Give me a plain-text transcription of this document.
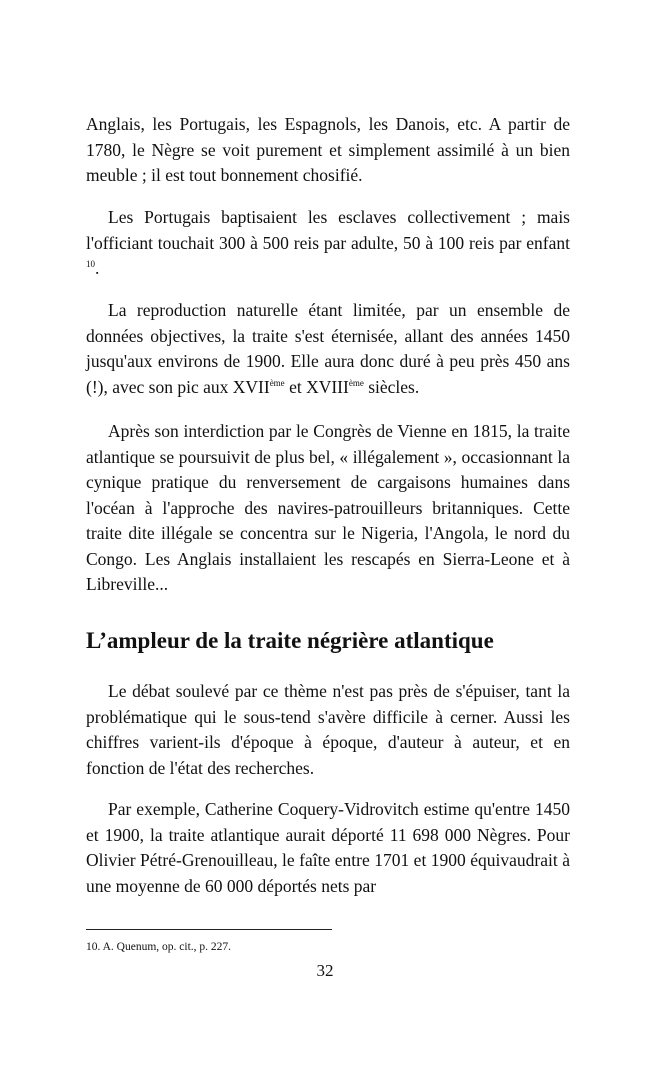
Anglais, les Portugais, les Espagnols, les Danois, etc. A partir de 1780, le Nègre se voit purement et simplement assimilé à un bien meuble ; il est tout bonnement chosifié.

Les Portugais baptisaient les esclaves collectivement ; mais l'officiant touchait 300 à 500 reis par adulte, 50 à 100 reis par enfant $^{10}$.

La reproduction naturelle étant limitée, par un ensemble de données objectives, la traite s'est éternisée, allant des années 1450 jusqu'aux environs de 1900. Elle aura donc duré à peu près 450 ans (!), avec son pic aux XVIIème et XVIIIème siècles.

Après son interdiction par le Congrès de Vienne en 1815, la traite atlantique se poursuivit de plus bel, « illégalement », occasionnant la cynique pratique du renversement de cargaisons humaines dans l'océan à l'approche des navires-patrouilleurs britanniques. Cette traite dite illégale se concentra sur le Nigeria, l'Angola, le nord du Congo. Les Anglais installaient les rescapés en Sierra-Leone et à Libreville...

L’ampleur de la traite négrière atlantique

Le débat soulevé par ce thème n'est pas près de s'épuiser, tant la problématique qui le sous-tend s'avère difficile à cerner. Aussi les chiffres varient-ils d'époque à époque, d'auteur à auteur, et en fonction de l'état des recherches.

Par exemple, Catherine Coquery-Vidrovitch estime qu'entre 1450 et 1900, la traite atlantique aurait déporté 11 698 000 Nègres. Pour Olivier Pétré-Grenouilleau, le faîte entre 1701 et 1900 équivaudrait à une moyenne de 60 000 déportés nets par

10. A. Quenum, op. cit., p. 227.

32
